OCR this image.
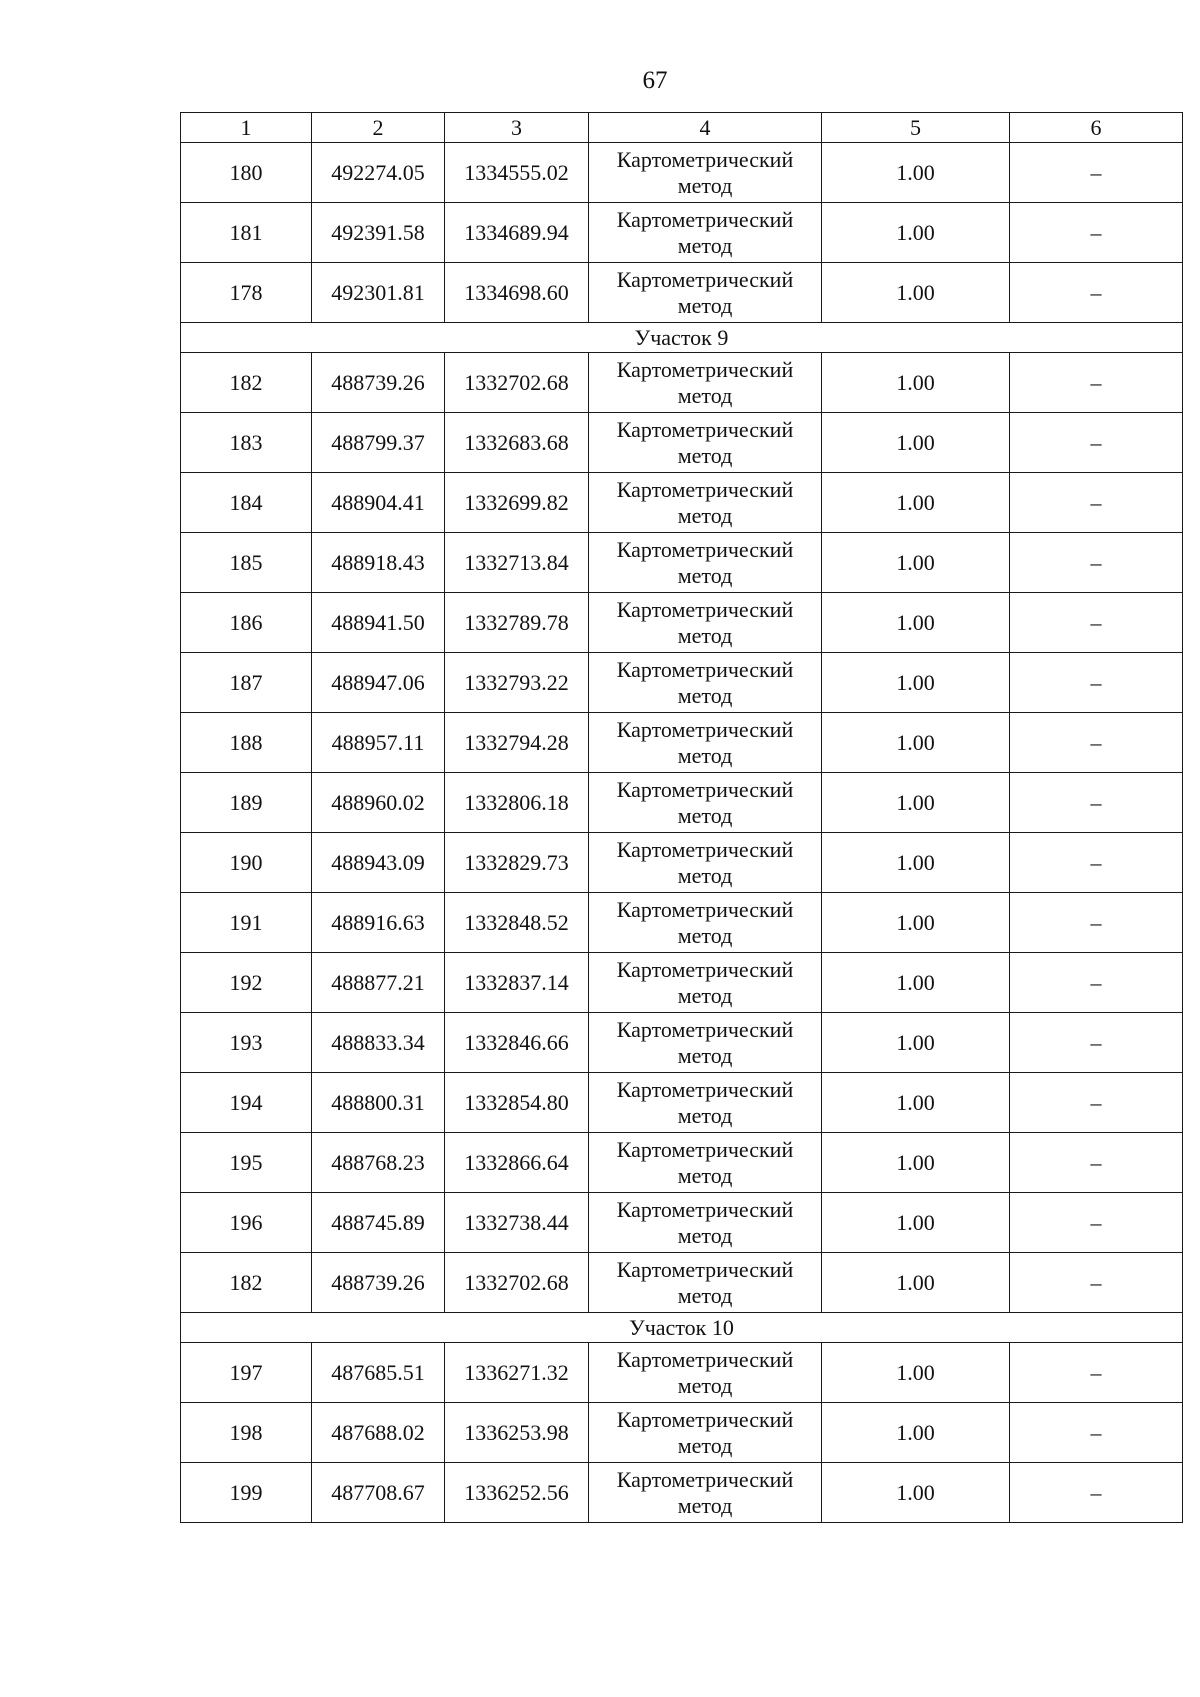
67
1	2	3	4	5	6
180	492274.05	1334555.02	Картометрический метод	1.00	–
181	492391.58	1334689.94	Картометрический метод	1.00	–
178	492301.81	1334698.60	Картометрический метод	1.00	–
Участок 9					
182	488739.26	1332702.68	Картометрический метод	1.00	–
183	488799.37	1332683.68	Картометрический метод	1.00	–
184	488904.41	1332699.82	Картометрический метод	1.00	–
185	488918.43	1332713.84	Картометрический метод	1.00	–
186	488941.50	1332789.78	Картометрический метод	1.00	–
187	488947.06	1332793.22	Картометрический метод	1.00	–
188	488957.11	1332794.28	Картометрический метод	1.00	–
189	488960.02	1332806.18	Картометрический метод	1.00	–
190	488943.09	1332829.73	Картометрический метод	1.00	–
191	488916.63	1332848.52	Картометрический метод	1.00	–
192	488877.21	1332837.14	Картометрический метод	1.00	–
193	488833.34	1332846.66	Картометрический метод	1.00	–
194	488800.31	1332854.80	Картометрический метод	1.00	–
195	488768.23	1332866.64	Картометрический метод	1.00	–
196	488745.89	1332738.44	Картометрический метод	1.00	–
182	488739.26	1332702.68	Картометрический метод	1.00	–
Участок 10					
197	487685.51	1336271.32	Картометрический метод	1.00	–
198	487688.02	1336253.98	Картометрический метод	1.00	–
199	487708.67	1336252.56	Картометрический метод	1.00	–
